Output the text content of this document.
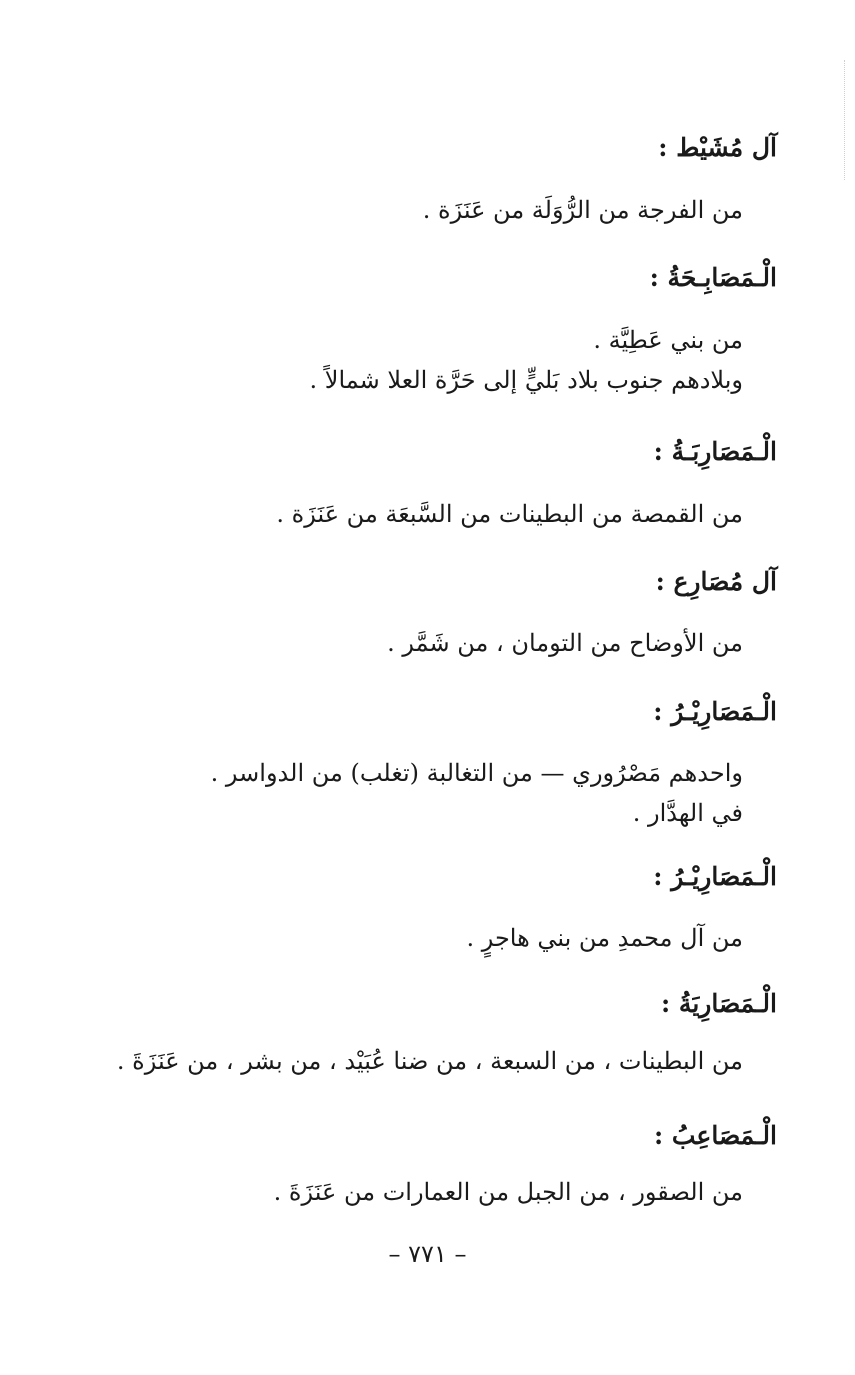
آل مُشَيْط :
من الفرجة من الرُّوَلَة من عَنَزَة .
الْـمَصَابِـحَةُ :
من بني عَطِيَّة .
وبلادهم جنوب بلاد بَليٍّ إلى حَرَّة العلا شمالاً .
الْـمَصَارِبَـةُ :
من القمصة من البطينات من السَّبعَة من عَنَزَة .
آل مُصَارِع :
من الأوضاح من التومان ، من شَمَّر .
الْـمَصَارِيْـرُ :
واحدهم مَصْرُوري — من التغالبة (تغلب) من الدواسر .
في الهدَّار .
الْـمَصَارِيْـرُ :
من آل محمدِ من بني هاجرٍ .
الْـمَصَارِيَةُ :
من البطينات ، من السبعة ، من ضنا عُبَيْد ، من بشر ، من عَنَزَةَ .
الْـمَصَاعِبُ :
من الصقور ، من الجبل من العمارات من عَنَزَةَ .
– ٧٧١ –
